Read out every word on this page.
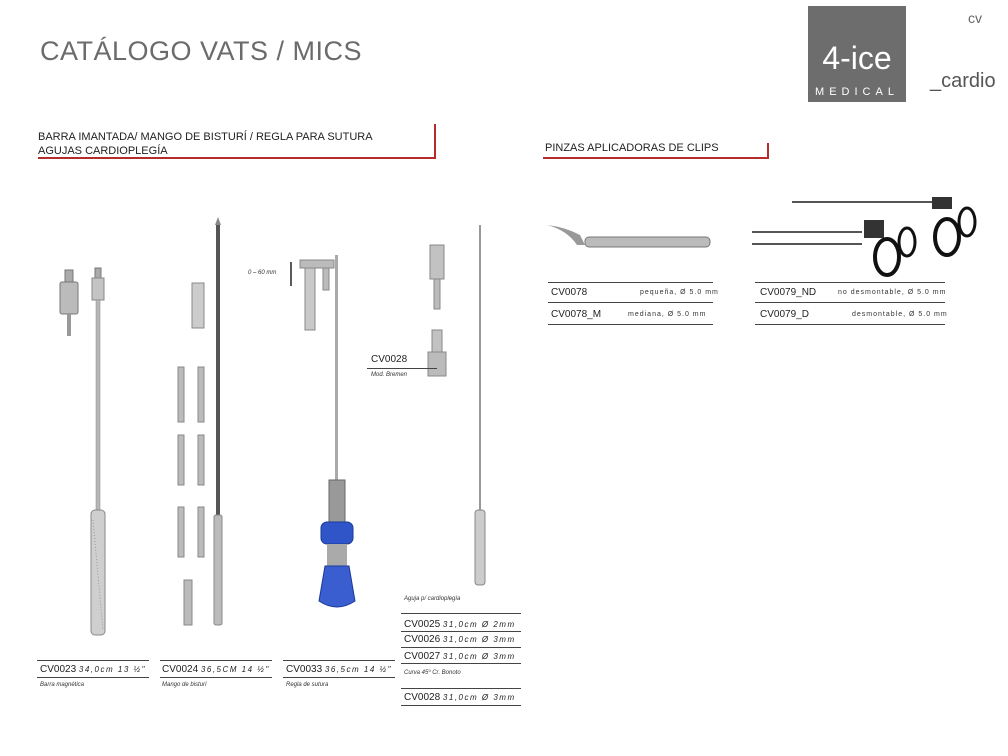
CATÁLOGO VATS / MICS	4-ice
MEDICAL
cv
_cardio
BARRA IMANTADA/ MANGO DE BISTURÍ / REGLA PARA SUTURA
AGUJAS CARDIOPLEGÍA	PINZAS APLICADORAS DE CLIPS
0 – 60 mm
CV0028
Mod. Bremen
CV0023 34,0cm 13 ½"
Barra magnética
CV0024 36,5CM 14 ½"
Mango de bisturí
CV0033 36,5cm 14 ½"
Regla de sutura
Aguja p/ cardioplegía
CV0025 31,0cm Ø 2mm
CV0026 31,0cm Ø 3mm
CV0027 31,0cm Ø 3mm
Curva 45º Cr. Bonoto
CV0028 31,0cm Ø 3mm
CV0078	pequeña, Ø 5.0 mm
CV0078_M	mediana, Ø 5.0 mm
CV0079_ND	no desmontable, Ø 5.0 mm
CV0079_D	desmontable, Ø 5.0 mm
